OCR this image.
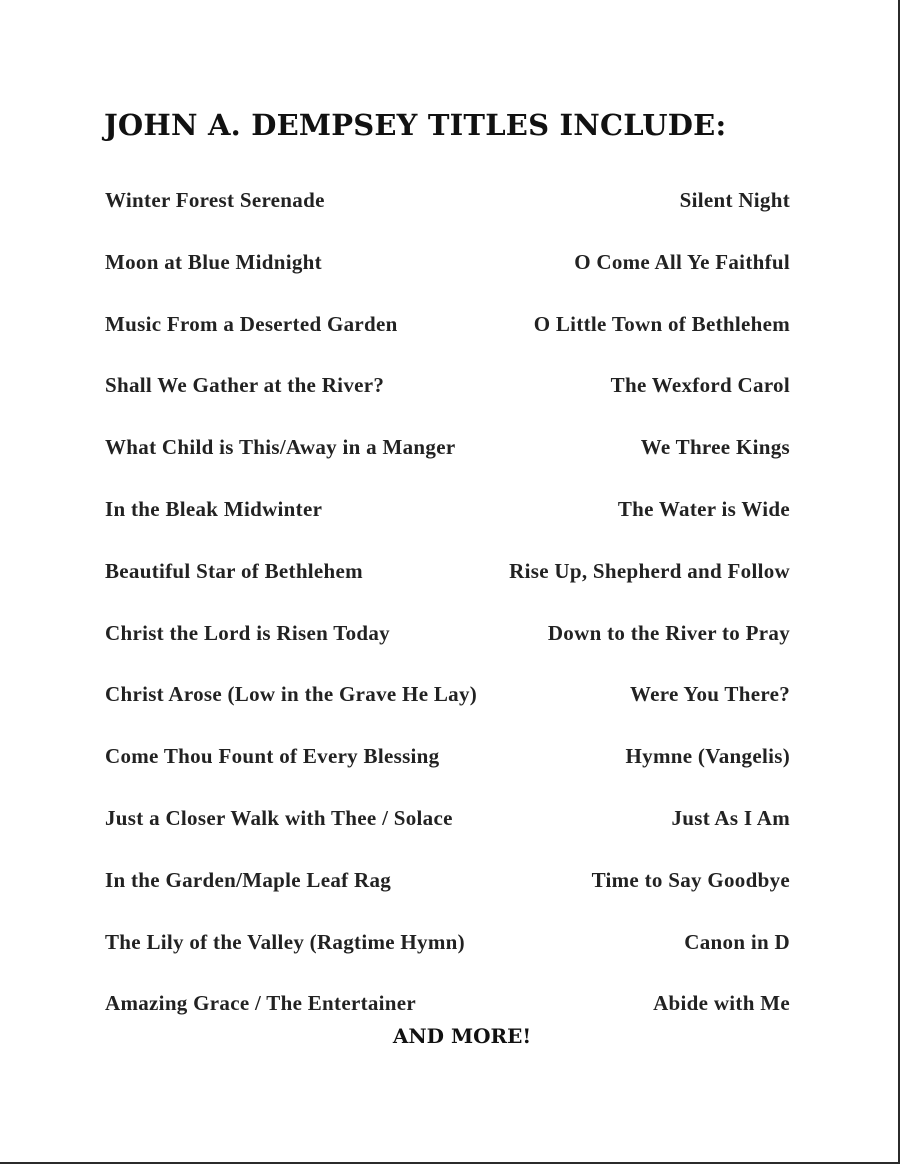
JOHN A. DEMPSEY TITLES INCLUDE:
Winter Forest Serenade	Silent Night
Moon at Blue Midnight	O Come All Ye Faithful
Music From a Deserted Garden	O Little Town of Bethlehem
Shall We Gather at the River?	The Wexford Carol
What Child is This/Away in a Manger	We Three Kings
In the Bleak Midwinter	The Water is Wide
Beautiful Star of Bethlehem	Rise Up, Shepherd and Follow
Christ the Lord is Risen Today	Down to the River to Pray
Christ Arose (Low in the Grave He Lay)	Were You There?
Come Thou Fount of Every Blessing	Hymne (Vangelis)
Just a Closer Walk with Thee / Solace	Just As I Am
In the Garden/Maple Leaf Rag	Time to Say Goodbye
The Lily of the Valley (Ragtime Hymn)	Canon in D
Amazing Grace / The Entertainer	Abide with Me
AND MORE!
